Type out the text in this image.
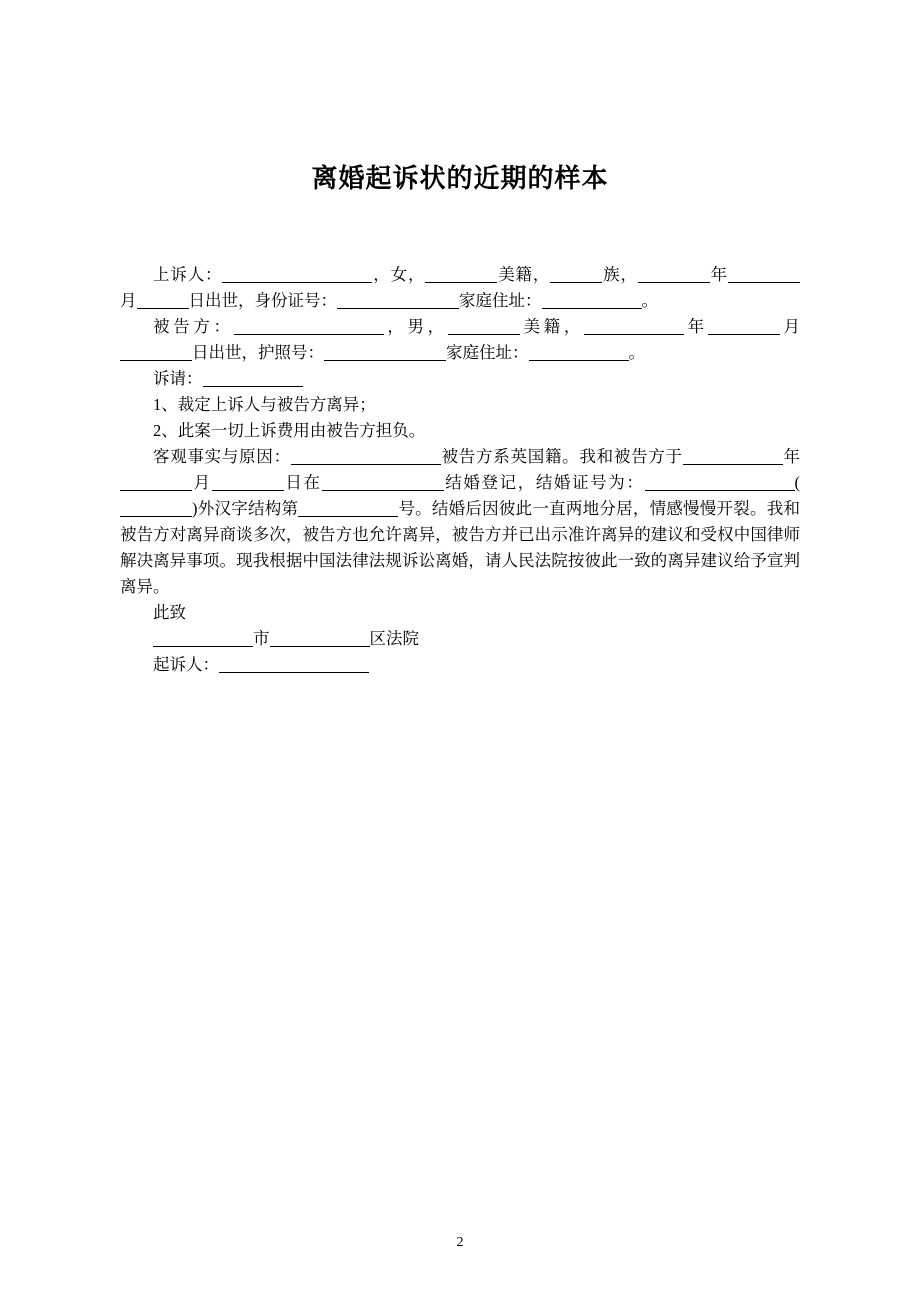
离婚起诉状的近期的样本

上诉人：	，女，	美籍，	族，	年月	日出世，身份证号：	家庭住址：	。

被告方：	，男，	美籍，	年	月日出世，护照号：	家庭住址：	。

诉请：

1、裁定上诉人与被告方离异；

2、此案一切上诉费用由被告方担负。

客观事实与原因：	被告方系英国籍。我和被告方于	年月	日在	结婚登记，结婚证号为：	()外汉字结构第	号。结婚后因彼此一直两地分居，情感慢慢开裂。我和被告方对离异商谈多次，被告方也允许离异，被告方并已出示准许离异的建议和受权中国律师解决离异事项。现我根据中国法律法规诉讼离婚，请人民法院按彼此一致的离异建议给予宣判离异。

此致

市	区法院

起诉人：

2
